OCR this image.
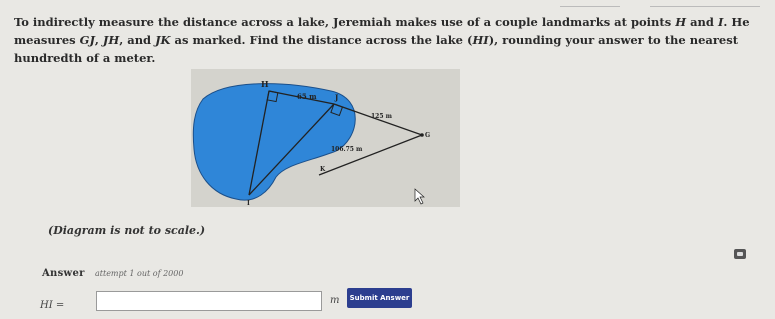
To indirectly measure the distance across a lake, Jeremiah makes use of a couple landmarks at points H and I. He measures GJ, JH, and JK as marked. Find the distance across the lake (HI), rounding your answer to the nearest hundredth of a meter.
H
65 m	J
125 m
G
106.75 m
K
I
(Diagram is not to scale.)
Answer attempt 1 out of 2000
HI =	m	Submit Answer
